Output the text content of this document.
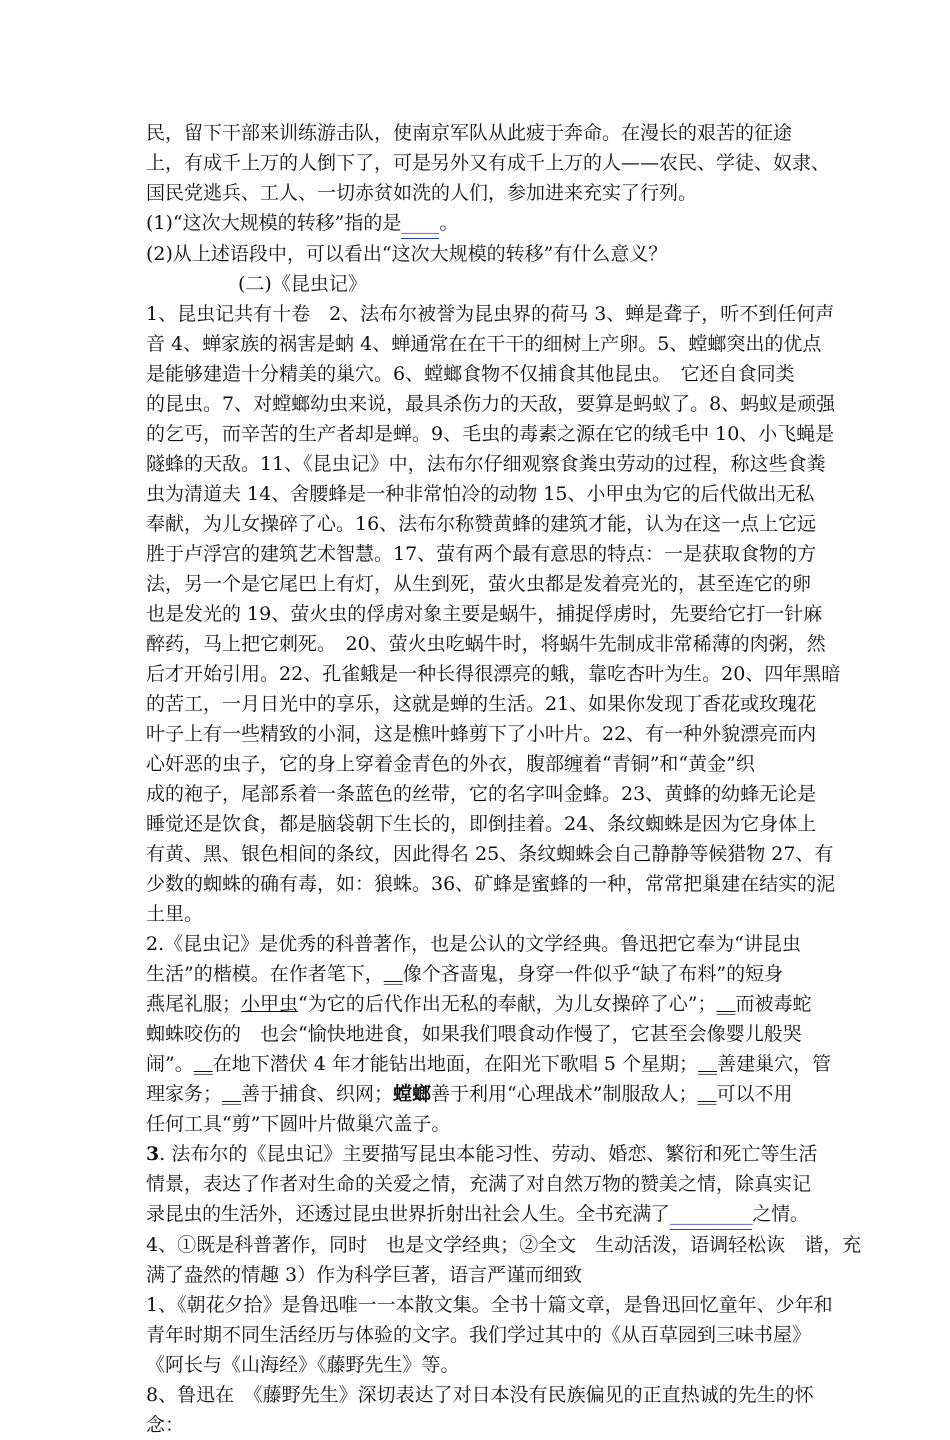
民，留下干部来训练游击队，使南京军队从此疲于奔命。在漫长的艰苦的征途
上，有成千上万的人倒下了，可是另外又有成千上万的人——农民、学徒、奴隶、
国民党逃兵、工人、一切赤贫如洗的人们，参加进来充实了行列。
(1)“这次大规模的转移”指的是____。
(2)从上述语段中，可以看出“这次大规模的转移”有什么意义？
(二)《昆虫记》
1、昆虫记共有十卷　2、法布尔被誉为昆虫界的荷马 3、蝉是聋子，听不到任何声
音 4、蝉家族的祸害是蚋 4、蝉通常在在干干的细树上产卵。5、螳螂突出的优点
是能够建造十分精美的巢穴。6、螳螂食物不仅捕食其他昆虫。　它还自食同类
的昆虫。7、对螳螂幼虫来说，最具杀伤力的天敌，要算是蚂蚁了。8、蚂蚁是顽强
的乞丐，而辛苦的生产者却是蝉。9、毛虫的毒素之源在它的绒毛中 10、小飞蝇是
隧蜂的天敌。11、《昆虫记》中，法布尔仔细观察食粪虫劳动的过程，称这些食粪
虫为清道夫 14、舍腰蜂是一种非常怕冷的动物 15、小甲虫为它的后代做出无私
奉献，为儿女操碎了心。16、法布尔称赞黄蜂的建筑才能，认为在这一点上它远
胜于卢浮宫的建筑艺术智慧。17、萤有两个最有意思的特点：一是获取食物的方
法，另一个是它尾巴上有灯，从生到死，萤火虫都是发着亮光的，甚至连它的卵
也是发光的 19、萤火虫的俘虏对象主要是蜗牛，捕捉俘虏时，先要给它打一针麻
醉药，马上把它刺死。　20、萤火虫吃蜗牛时，将蜗牛先制成非常稀薄的肉粥，然
后才开始引用。22、孔雀蛾是一种长得很漂亮的蛾，靠吃杏叶为生。20、四年黑暗
的苦工，一月日光中的享乐，这就是蝉的生活。21、如果你发现丁香花或玫瑰花
叶子上有一些精致的小洞，这是樵叶蜂剪下了小叶片。22、有一种外貌漂亮而内
心奸恶的虫子，它的身上穿着金青色的外衣，腹部缠着“青铜”和“黄金”织
成的袍子，尾部系着一条蓝色的丝带，它的名字叫金蜂。23、黄蜂的幼蜂无论是
睡觉还是饮食，都是脑袋朝下生长的，即倒挂着。24、条纹蜘蛛是因为它身体上
有黄、黑、银色相间的条纹，因此得名 25、条纹蜘蛛会自己静静等候猎物 27、有
少数的蜘蛛的确有毒，如：狼蛛。36、矿蜂是蜜蜂的一种，常常把巢建在结实的泥
土里。
2.《昆虫记》是优秀的科普著作，也是公认的文学经典。鲁迅把它奉为“讲昆虫
生活”的楷模。在作者笔下，__像个吝啬鬼，身穿一件似乎“缺了布料”的短身
燕尾礼服；小甲虫“为它的后代作出无私的奉献，为儿女操碎了心”；__而被毒蛇
蜘蛛咬伤的　也会“愉快地进食，如果我们喂食动作慢了，它甚至会像婴儿般哭
闹”。__在地下潜伏 4 年才能钻出地面，在阳光下歌唱 5 个星期；__善建巢穴，管
理家务；__善于捕食、织网；螳螂善于利用“心理战术”制服敌人；__可以不用
任何工具“剪”下圆叶片做巢穴盖子。
3. 法布尔的《昆虫记》主要描写昆虫本能习性、劳动、婚恋、繁衍和死亡等生活
情景，表达了作者对生命的关爱之情，充满了对自然万物的赞美之情，除真实记
录昆虫的生活外，还透过昆虫世界折射出社会人生。全书充满了_________之情。
4、①既是科普著作，同时　也是文学经典；②全文　生动活泼，语调轻松诙　谐，充
满了盎然的情趣 3）作为科学巨著，语言严谨而细致
1、《朝花夕拾》是鲁迅唯一一本散文集。全书十篇文章，是鲁迅回忆童年、少年和
青年时期不同生活经历与体验的文字。我们学过其中的《从百草园到三味书屋》
《阿长与《山海经》《藤野先生》等。
8、鲁迅在　《藤野先生》深切表达了对日本没有民族偏见的正直热诚的先生的怀
念：
